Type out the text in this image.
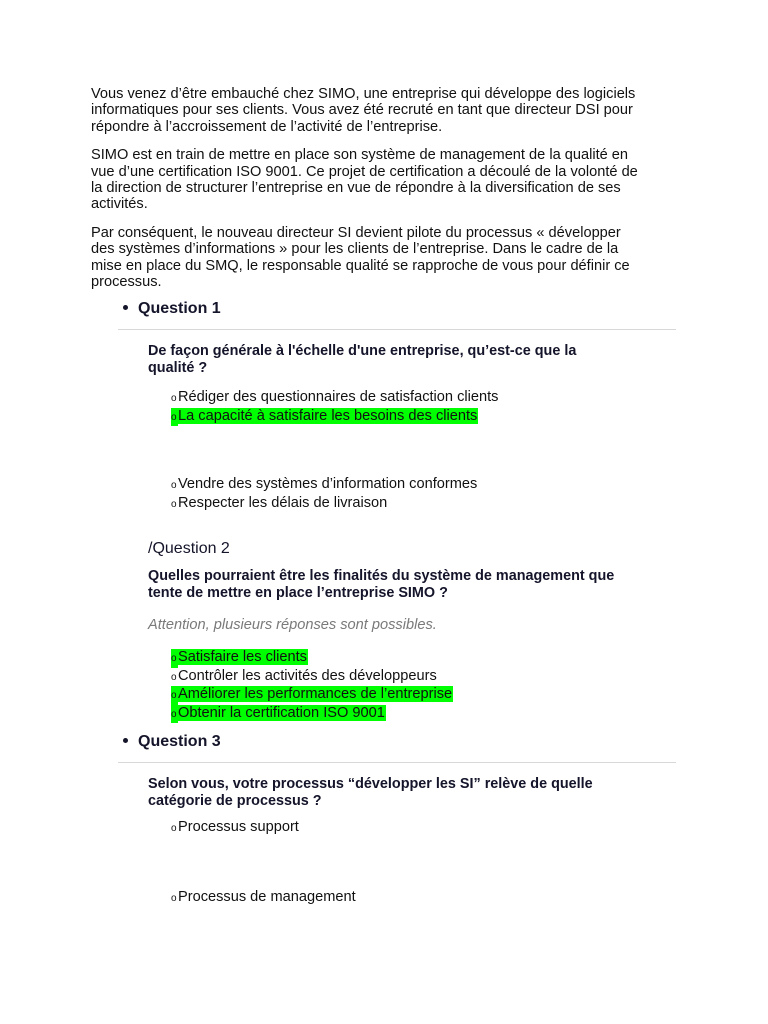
Vous venez d’être embauché chez SIMO, une entreprise qui développe des logiciels
informatiques pour ses clients. Vous avez été recruté en tant que directeur DSI pour
répondre à l’accroissement de l’activité de l’entreprise.
SIMO est en train de mettre en place son système de management de la qualité en
vue d’une certification ISO 9001. Ce projet de certification a découlé de la volonté de
la direction de structurer l’entreprise en vue de répondre à la diversification de ses
activités.
Par conséquent, le nouveau directeur SI devient pilote du processus « développer
des systèmes d’informations » pour les clients de l’entreprise. Dans le cadre de la
mise en place du SMQ, le responsable qualité se rapproche de vous pour définir ce
processus.
Question 1
De façon générale à l'échelle d'une entreprise, qu’est-ce que la
qualité ?
oRédiger des questionnaires de satisfaction clients
oLa capacité à satisfaire les besoins des clients
oVendre des systèmes d’information conformes
oRespecter les délais de livraison
/Question 2
Quelles pourraient être les finalités du système de management que
tente de mettre en place l’entreprise SIMO ?
Attention, plusieurs réponses sont possibles.
oSatisfaire les clients
oContrôler les activités des développeurs
oAméliorer les performances de l’entreprise
oObtenir la certification ISO 9001
Question 3
Selon vous, votre processus “développer les SI” relève de quelle
catégorie de processus ?
oProcessus support
oProcessus de management
